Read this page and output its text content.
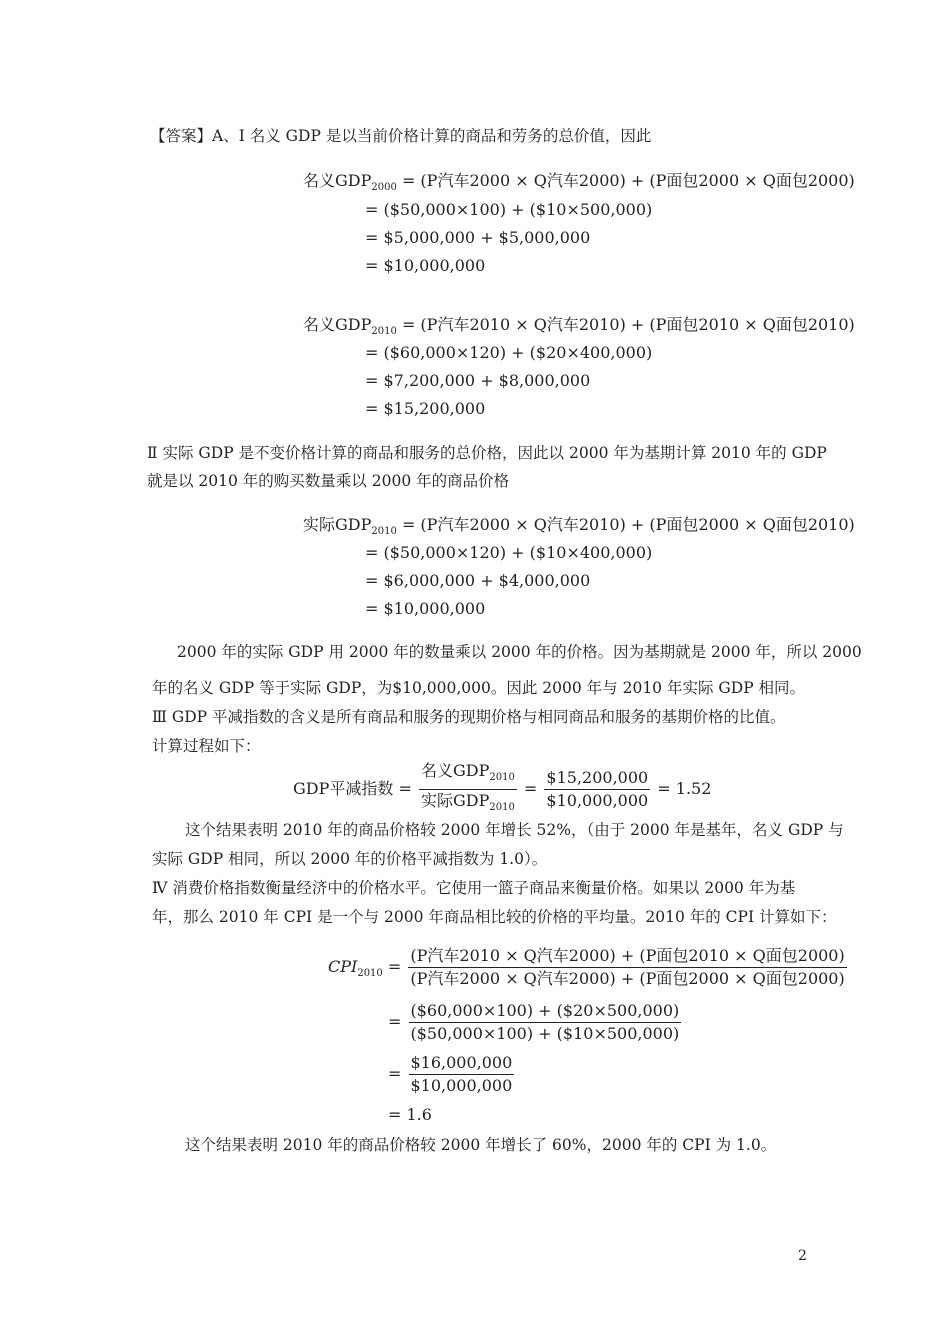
【答案】A、Ⅰ 名义 GDP 是以当前价格计算的商品和劳务的总价值，因此
名义$GDP_{2000} = (P$汽车2000 × Q汽车2000) + (P面包2000 × Q面包2000)
= ($50,000×100) + ($10×500,000)
= $5,000,000 + $5,000,000
= $10,000,000
名义$GDP_{2010} = (P$汽车2010 × Q汽车2010) + (P面包2010 × Q面包2010)
= ($60,000×120) + ($20×400,000)
= $7,200,000 + $8,000,000
= $15,200,000
Ⅱ 实际 GDP 是不变价格计算的商品和服务的总价格，因此以 2000 年为基期计算 2010 年的 GDP
就是以 2010 年的购买数量乘以 2000 年的商品价格
实际$GDP_{2010} = (P$汽车2000 × Q汽车2010) + (P面包2000 × Q面包2010)
= ($50,000×120) + ($10×400,000)
= $6,000,000 + $4,000,000
= $10,000,000
2000 年的实际 GDP 用 2000 年的数量乘以 2000 年的价格。因为基期就是 2000 年，所以 2000
年的名义 GDP 等于实际 GDP，为$10,000,000。因此 2000 年与 2010 年实际 GDP 相同。
Ⅲ GDP 平减指数的含义是所有商品和服务的现期价格与相同商品和服务的基期价格的比值。
计算过程如下：
GDP平减指数 = $\frac{名义GDP_{2010}}{实际GDP_{2010}} = \frac{\$15,200,000}{\$10,000,000} = 1.52$
这个结果表明 2010 年的商品价格较 2000 年增长 52%，（由于 2000 年是基年，名义 GDP 与
实际 GDP 相同，所以 2000 年的价格平减指数为 1.0）。
Ⅳ 消费价格指数衡量经济中的价格水平。它使用一篮子商品来衡量价格。如果以 2000 年为基
年，那么 2010 年 CPI 是一个与 2000 年商品相比较的价格的平均量。2010 年的 CPI 计算如下：
$CPI_{2010} = \frac{\text{(P汽车2010 × Q汽车2000) + (P面包2010 × Q面包2000)}}{\text{(P汽车2000 × Q汽车2000) + (P面包2000 × Q面包2000)}}$
= $\frac{(\$60,000\times 100) + (\$20\times 500,000)}{(\$50,000\times 100) + (\$10\times 500,000)}$
= $\frac{\$16,000,000}{\$10,000,000}$
= 1.6
这个结果表明 2010 年的商品价格较 2000 年增长了 60%，2000 年的 CPI 为 1.0。
2
